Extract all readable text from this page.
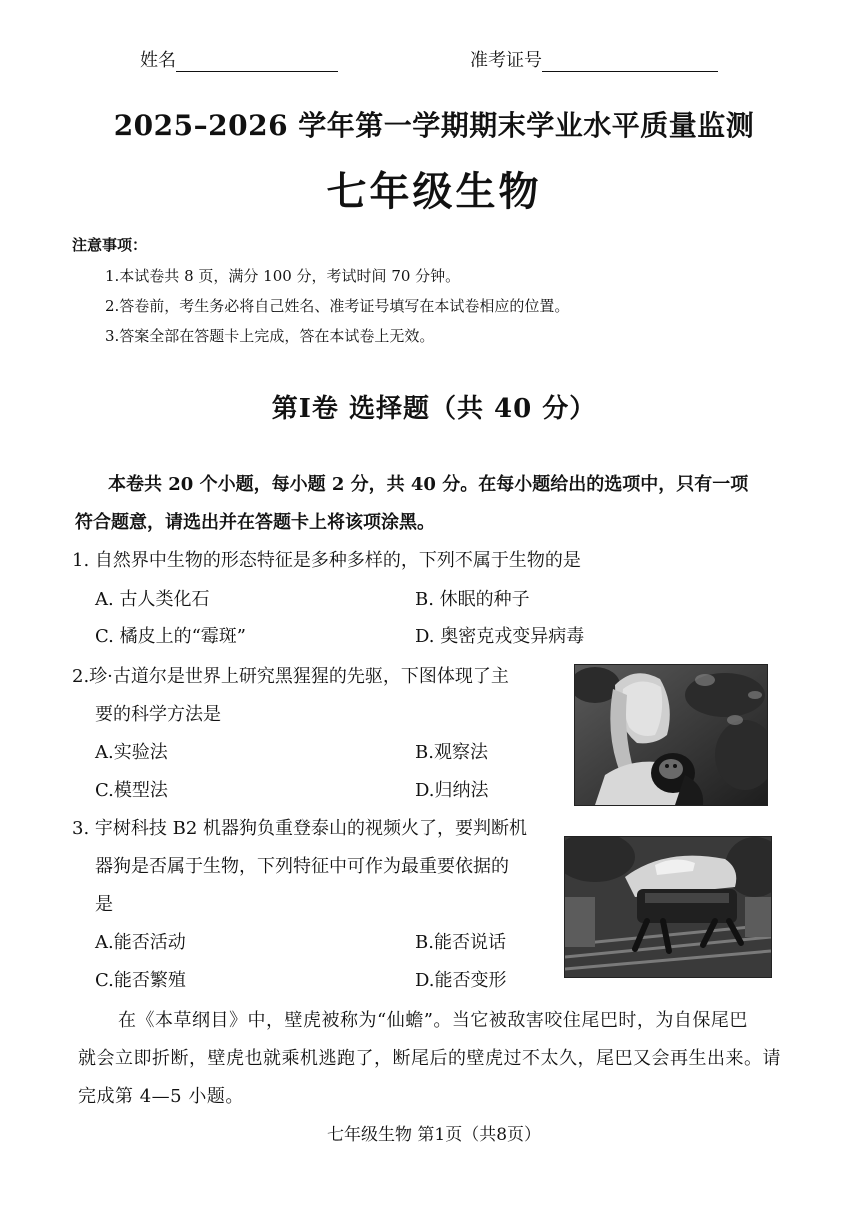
姓名	准考证号
2025–2026 学年第一学期期末学业水平质量监测
七年级生物
注意事项：
1.本试卷共 8 页，满分 100 分，考试时间 70 分钟。
2.答卷前，考生务必将自己姓名、准考证号填写在本试卷相应的位置。
3.答案全部在答题卡上完成，答在本试卷上无效。
第Ⅰ卷 选择题（共 40 分）
本卷共 20 个小题，每小题 2 分，共 40 分。在每小题给出的选项中，只有一项
符合题意，请选出并在答题卡上将该项涂黑。
1. 自然界中生物的形态特征是多种多样的，下列不属于生物的是
A. 古人类化石	B. 休眠的种子
C. 橘皮上的“霉斑”	D. 奥密克戎变异病毒
2.珍·古道尔是世界上研究黑猩猩的先驱，下图体现了主
要的科学方法是
A.实验法	B.观察法
C.模型法	D.归纳法
3. 宇树科技 B2 机器狗负重登泰山的视频火了，要判断机
器狗是否属于生物，下列特征中可作为最重要依据的
是
A.能否活动	B.能否说话
C.能否繁殖	D.能否变形
在《本草纲目》中，壁虎被称为“仙蟾”。当它被敌害咬住尾巴时，为自保尾巴
就会立即折断，壁虎也就乘机逃跑了，断尾后的壁虎过不太久，尾巴又会再生出来。请
完成第 4—5 小题。
七年级生物 第1页（共8页）
